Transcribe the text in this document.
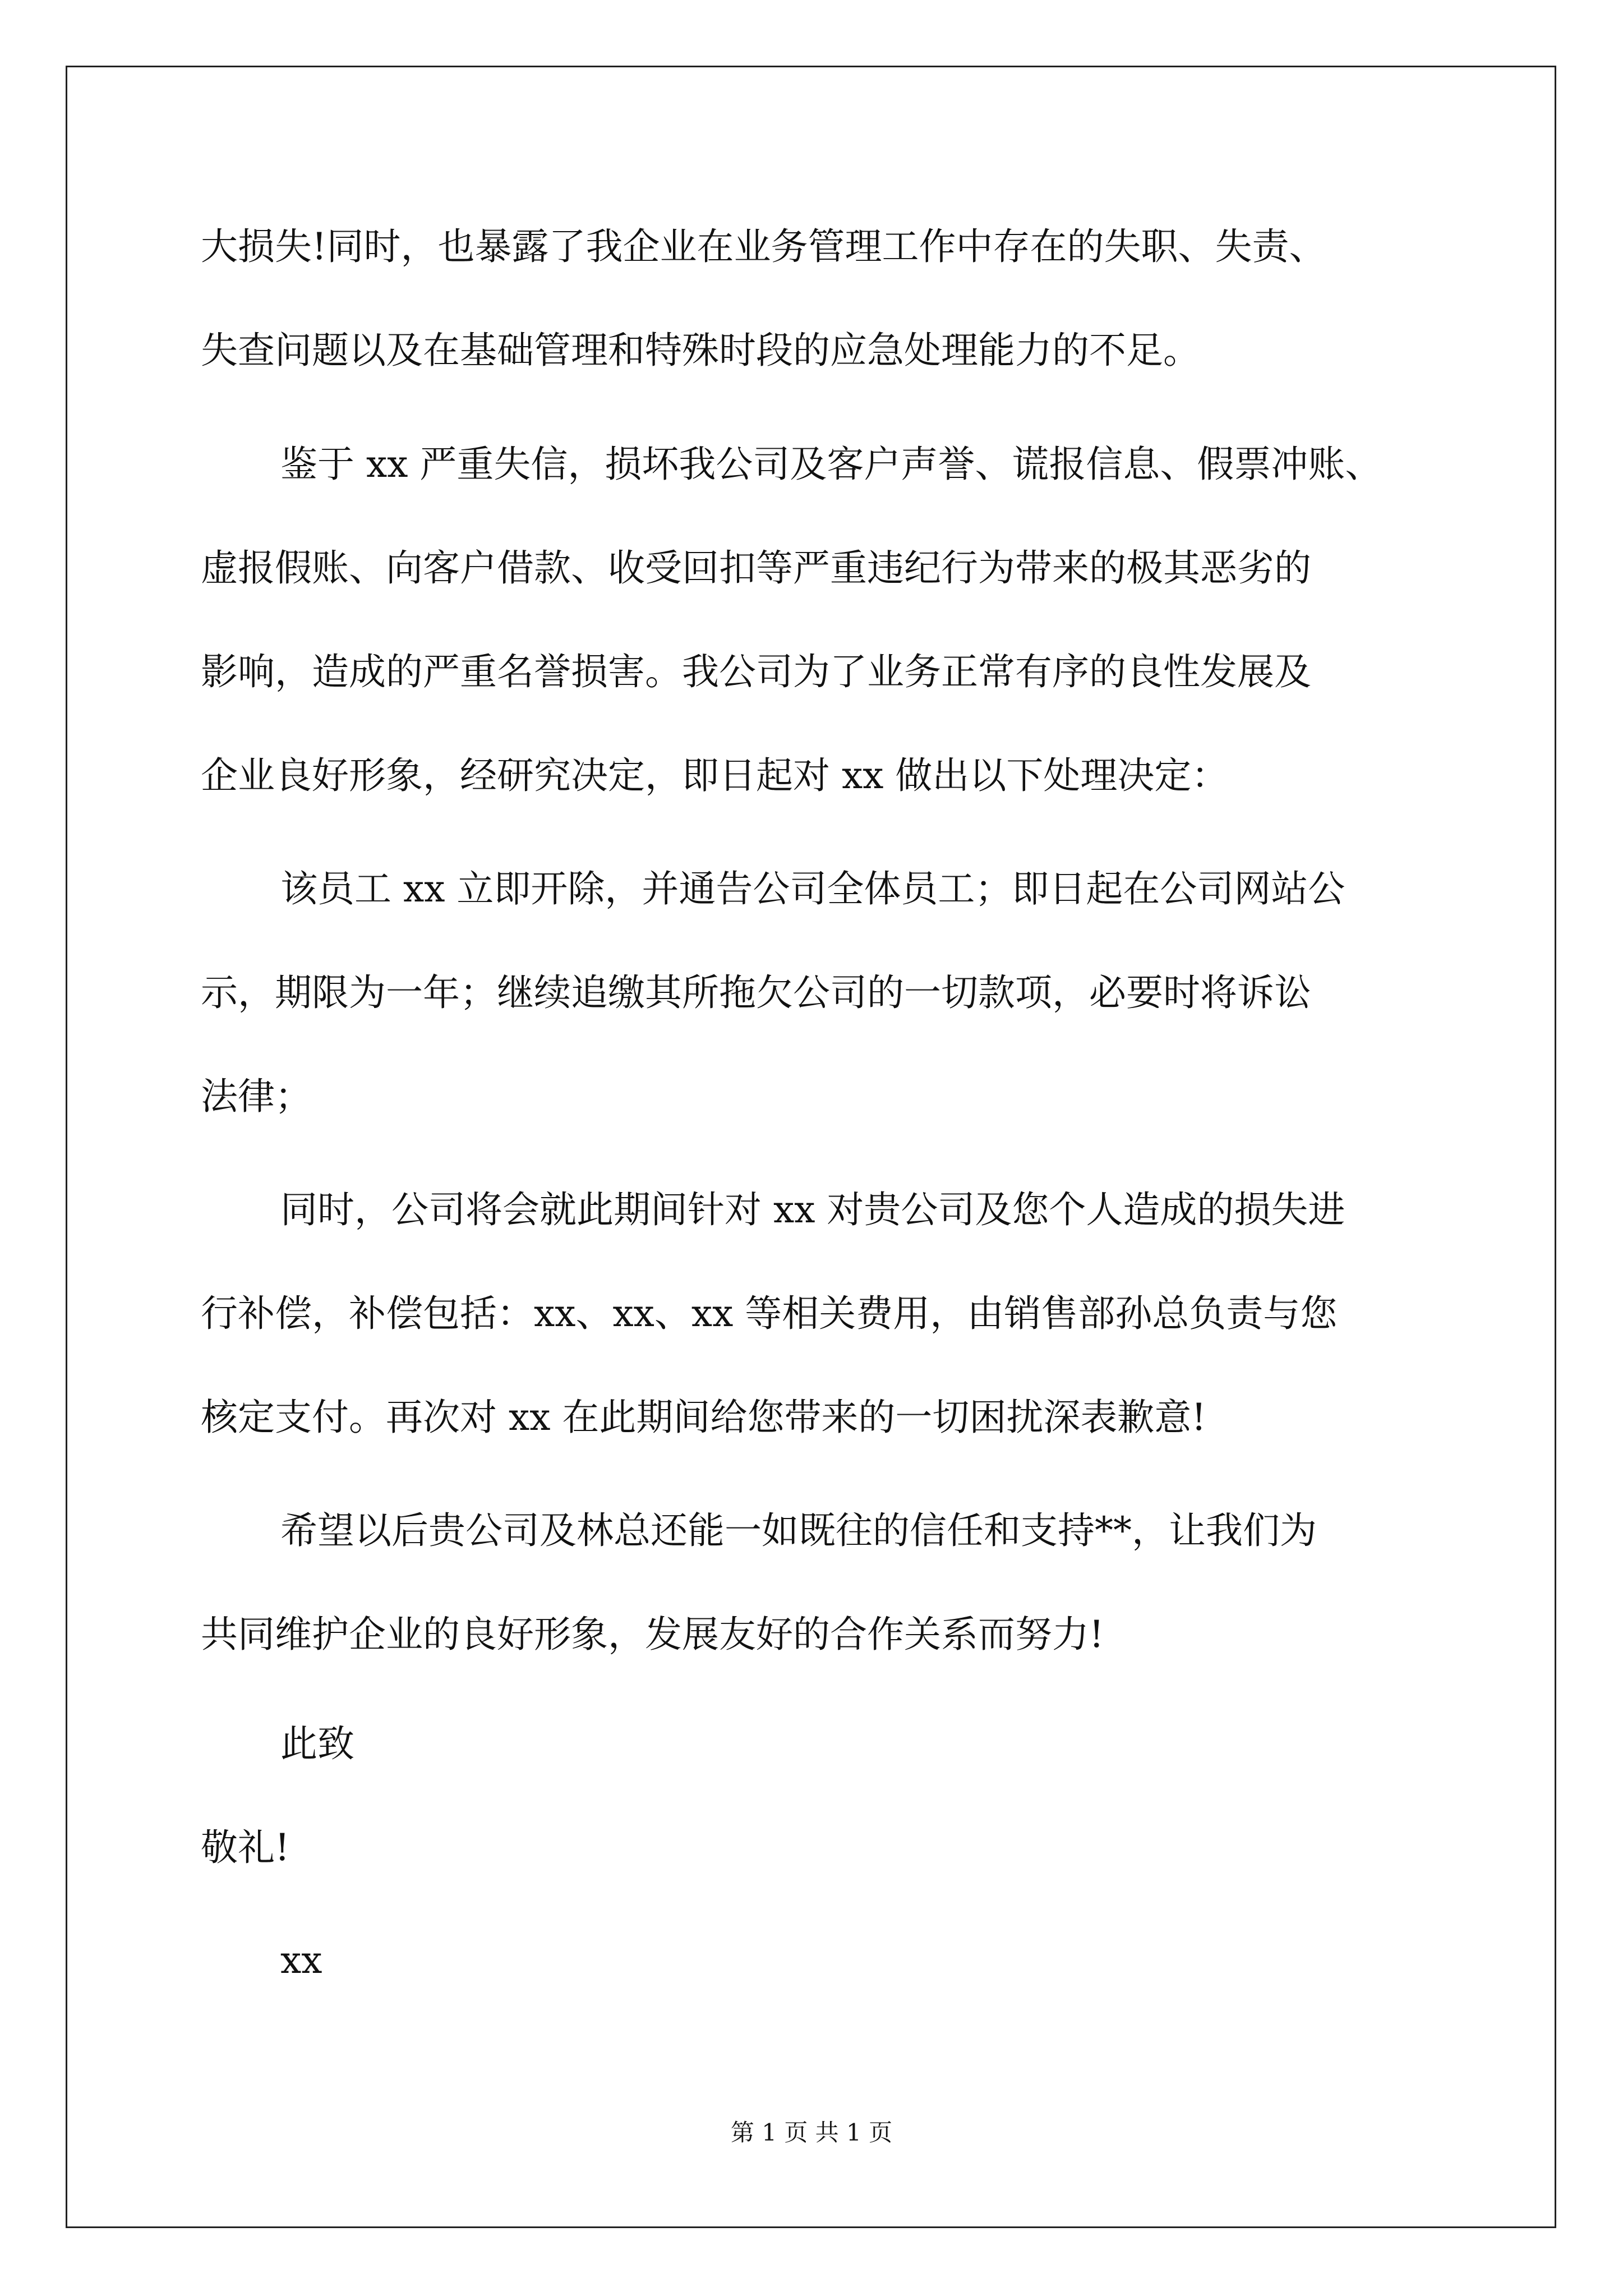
大损失!同时，也暴露了我企业在业务管理工作中存在的失职、失责、
失查问题以及在基础管理和特殊时段的应急处理能力的不足。
鉴于 xx 严重失信，损坏我公司及客户声誉、谎报信息、假票冲账、
虚报假账、向客户借款、收受回扣等严重违纪行为带来的极其恶劣的
影响，造成的严重名誉损害。我公司为了业务正常有序的良性发展及
企业良好形象，经研究决定，即日起对 xx 做出以下处理决定：
该员工 xx 立即开除，并通告公司全体员工；即日起在公司网站公
示，期限为一年；继续追缴其所拖欠公司的一切款项，必要时将诉讼
法律；
同时，公司将会就此期间针对 xx 对贵公司及您个人造成的损失进
行补偿，补偿包括：xx、xx、xx 等相关费用，由销售部孙总负责与您
核定支付。再次对 xx 在此期间给您带来的一切困扰深表歉意!
希望以后贵公司及林总还能一如既往的信任和支持**，让我们为
共同维护企业的良好形象，发展友好的合作关系而努力!
此致
敬礼!
xx
第 1 页 共 1 页
